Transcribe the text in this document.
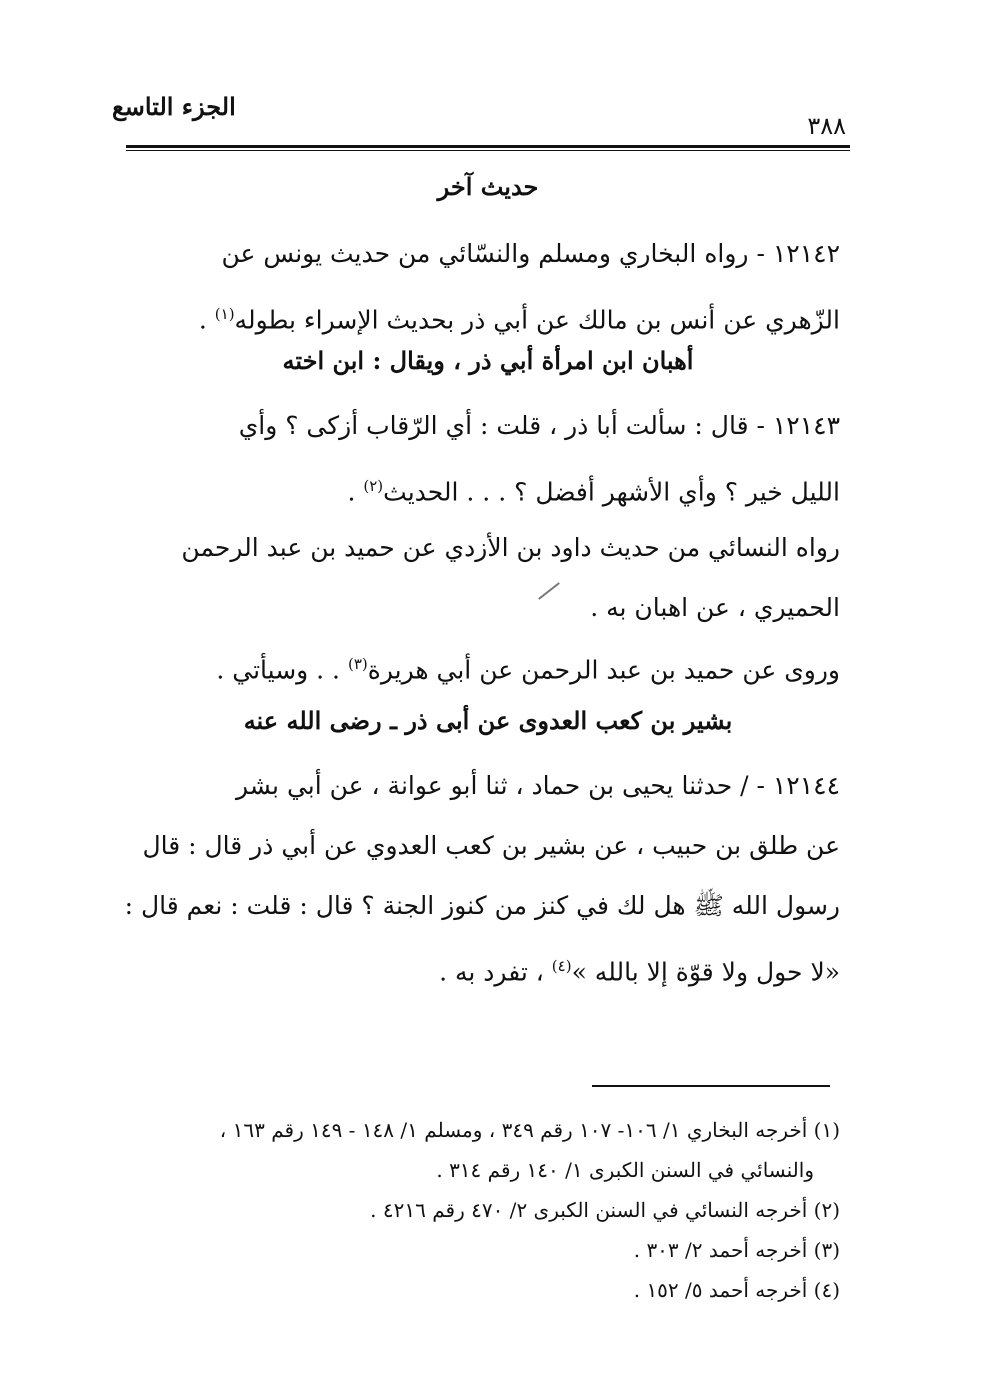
الجزء التاسع
٣٨٨
حديث آخر
١٢١٤٢ - رواه البخاري ومسلم والنسّائي من حديث يونس عن
الزّهري عن أنس بن مالك عن أبي ذر بحديث الإسراء بطوله$^{(١)}$ .
أهبان ابن امرأة أبي ذر ، ويقال : ابن اخته
١٢١٤٣ - قال : سألت أبا ذر ، قلت : أي الرّقاب أزكى ؟ وأي
الليل خير ؟ وأي الأشهر أفضل ؟ . . . الحديث$^{(٢)}$ .
رواه النسائي من حديث داود بن الأزدي عن حميد بن عبد الرحمن
الحميري ، عن اهبان به .
وروى عن حميد بن عبد الرحمن عن أبي هريرة$^{(٣)}$ . . وسيأتي .
بشير بن كعب العدوى عن أبى ذر ـ رضى الله عنه
١٢١٤٤ - / حدثنا يحيى بن حماد ، ثنا أبو عوانة ، عن أبي بشر
عن طلق بن حبيب ، عن بشير بن كعب العدوي عن أبي ذر قال : قال
رسول الله ﷺ هل لك في كنز من كنوز الجنة ؟ قال : قلت : نعم قال :
«لا حول ولا قوّة إلا بالله »$^{(٤)}$ ، تفرد به .
(١) أخرجه البخاري ١/ ١٠٦- ١٠٧ رقم ٣٤٩ ، ومسلم ١/ ١٤٨ - ١٤٩ رقم ١٦٣ ،
والنسائي في السنن الكبرى ١/ ١٤٠ رقم ٣١٤ .
(٢) أخرجه النسائي في السنن الكبرى ٢/ ٤٧٠ رقم ٤٢١٦ .
(٣) أخرجه أحمد ٢/ ٣٠٣ .
(٤) أخرجه أحمد ٥/ ١٥٢ .
